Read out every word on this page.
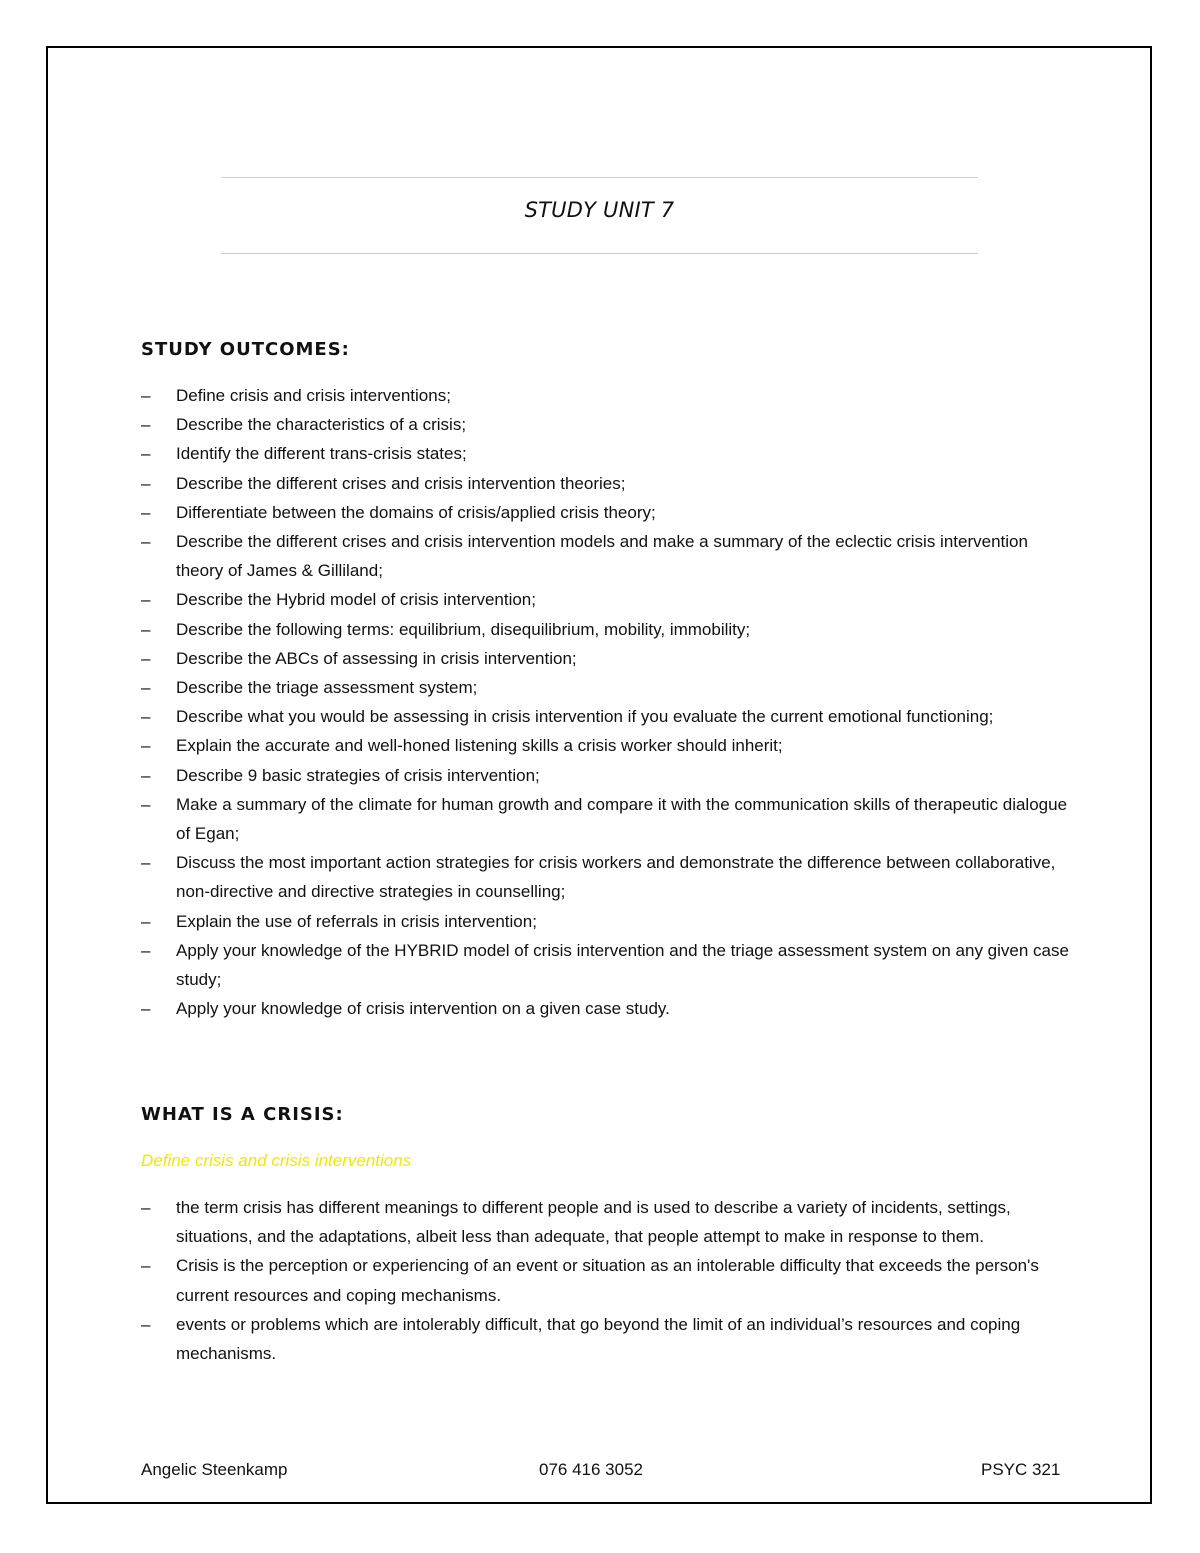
STUDY UNIT 7
STUDY OUTCOMES:
– Define crisis and crisis interventions;
– Describe the characteristics of a crisis;
– Identify the different trans-crisis states;
– Describe the different crises and crisis intervention theories;
– Differentiate between the domains of crisis/applied crisis theory;
– Describe the different crises and crisis intervention models and make a summary of the eclectic crisis intervention theory of James & Gilliland;
– Describe the Hybrid model of crisis intervention;
– Describe the following terms: equilibrium, disequilibrium, mobility, immobility;
– Describe the ABCs of assessing in crisis intervention;
– Describe the triage assessment system;
– Describe what you would be assessing in crisis intervention if you evaluate the current emotional functioning;
– Explain the accurate and well-honed listening skills a crisis worker should inherit;
– Describe 9 basic strategies of crisis intervention;
– Make a summary of the climate for human growth and compare it with the communication skills of therapeutic dialogue of Egan;
– Discuss the most important action strategies for crisis workers and demonstrate the difference between collaborative, non-directive and directive strategies in counselling;
– Explain the use of referrals in crisis intervention;
– Apply your knowledge of the HYBRID model of crisis intervention and the triage assessment system on any given case study;
– Apply your knowledge of crisis intervention on a given case study.
WHAT IS A CRISIS:
Define crisis and crisis interventions
– the term crisis has different meanings to different people and is used to describe a variety of incidents, settings, situations, and the adaptations, albeit less than adequate, that people attempt to make in response to them.
– Crisis is the perception or experiencing of an event or situation as an intolerable difficulty that exceeds the person's current resources and coping mechanisms.
– events or problems which are intolerably difficult, that go beyond the limit of an individual’s resources and coping mechanisms.
Angelic Steenkamp	076 416 3052	PSYC 321
